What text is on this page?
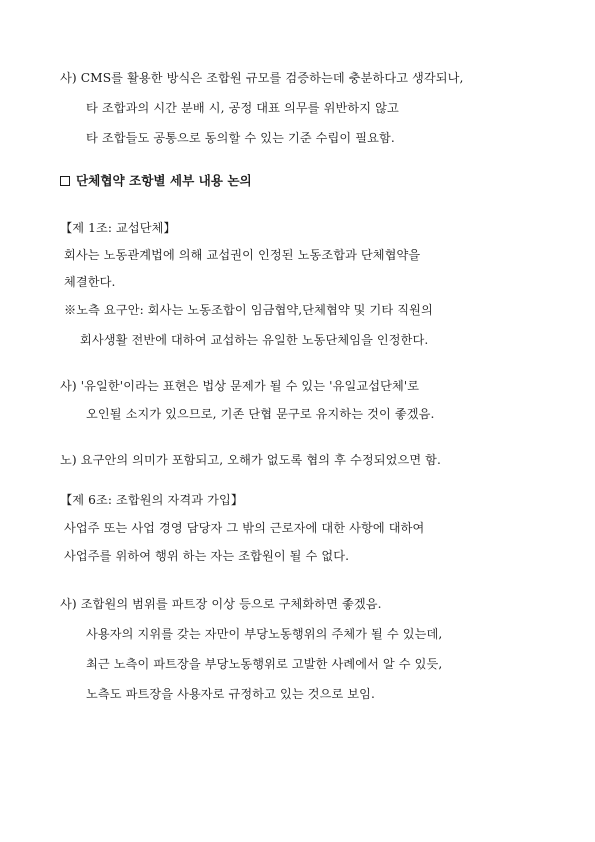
사) CMS를 활용한 방식은 조합원 규모를 검증하는데 충분하다고 생각되나,
타 조합과의 시간 분배 시, 공정 대표 의무를 위반하지 않고
타 조합들도 공통으로 동의할 수 있는 기준 수립이 필요함.
단체협약 조항별 세부 내용 논의
【제 1조: 교섭단체】
회사는 노동관계법에 의해 교섭권이 인정된 노동조합과 단체협약을
체결한다.
※노측 요구안: 회사는 노동조합이 임금협약,단체협약 및 기타 직원의
회사생활 전반에 대하여 교섭하는 유일한 노동단체임을 인정한다.
사) '유일한'이라는 표현은 법상 문제가 될 수 있는 '유일교섭단체'로
오인될 소지가 있으므로, 기존 단협 문구로 유지하는 것이 좋겠음.
노) 요구안의 의미가 포함되고, 오해가 없도록 협의 후 수정되었으면 함.
【제 6조: 조합원의 자격과 가입】
사업주 또는 사업 경영 담당자 그 밖의 근로자에 대한 사항에 대하여
사업주를 위하여 행위 하는 자는 조합원이 될 수 없다.
사) 조합원의 범위를 파트장 이상 등으로 구체화하면 좋겠음.
사용자의 지위를 갖는 자만이 부당노동행위의 주체가 될 수 있는데,
최근 노측이 파트장을 부당노동행위로 고발한 사례에서 알 수 있듯,
노측도 파트장을 사용자로 규정하고 있는 것으로 보임.
